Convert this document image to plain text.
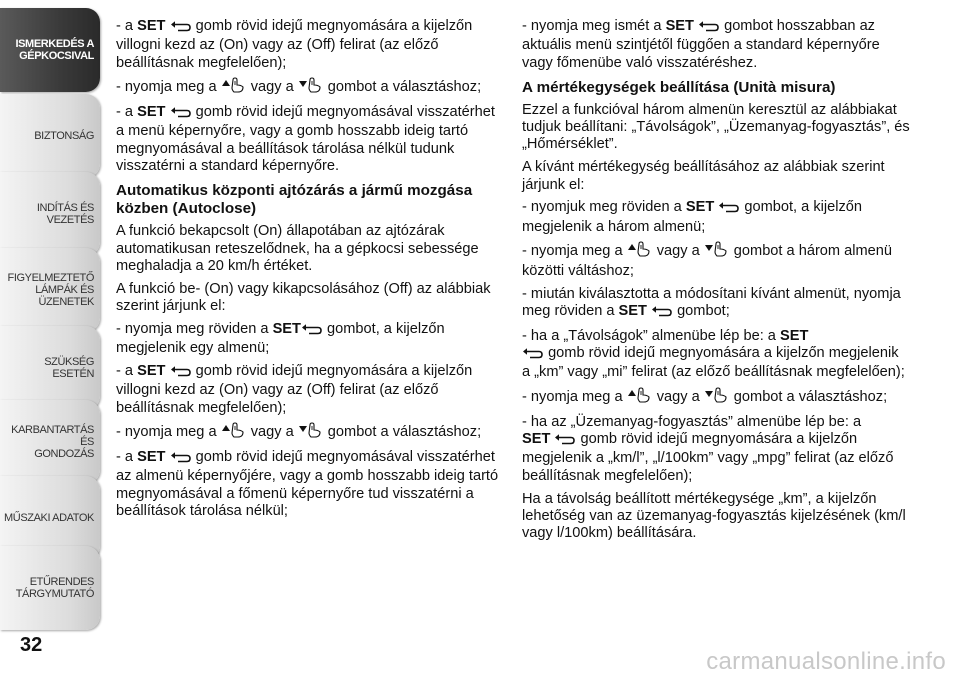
ISMERKEDÉS A
GÉPKOCSIVAL
BIZTONSÁG
INDÍTÁS ÉS VEZETÉS
FIGYELMEZTETŐ
LÁMPÁK ÉS
ÜZENETEK
SZÜKSÉG ESETÉN
KARBANTARTÁS ÉS
GONDOZÁS
MŰSZAKI ADATOK
ETŰRENDES
TÁRGYMUTATÓ
32

- a SET  gomb rövid idejű megnyomására a kijelzőn villogni kezd az (On) vagy az (Off) felirat (az előző beállításnak megfelelően);

- nyomja meg a  vagy a  gombot a választáshoz;

- a SET  gomb rövid idejű megnyomásával visszatérhet a menü képernyőre, vagy a gomb hosszabb ideig tartó megnyomásával a beállítások tárolása nélkül tudunk visszatérni a standard képernyőre.

Automatikus központi ajtózárás a jármű mozgása közben (Autoclose)

A funkció bekapcsolt (On) állapotában az ajtózárak automatikusan reteszelődnek, ha a gépkocsi sebessége meghaladja a 20 km/h értéket.

A funkció be- (On) vagy kikapcsolásához (Off) az alábbiak szerint járjunk el:

- nyomja meg röviden a SET gombot, a kijelzőn megjelenik egy almenü;

- a SET  gomb rövid idejű megnyomására a kijelzőn villogni kezd az (On) vagy az (Off) felirat (az előző beállításnak megfelelően);

- nyomja meg a  vagy a  gombot a választáshoz;

- a SET  gomb rövid idejű megnyomásával visszatérhet az almenü képernyőjére, vagy a gomb hosszabb ideig tartó megnyomásával a főmenü képernyőre tud visszatérni a beállítások tárolása nélkül;

- nyomja meg ismét a SET  gombot hosszabban az aktuális menü szintjétől függően a standard képernyőre vagy főmenübe való visszatéréshez.

A mértékegységek beállítása (Unità misura)

Ezzel a funkcióval három almenün keresztül az alábbiakat tudjuk beállítani: „Távolságok”, „Üzemanyag-fogyasztás”, és „Hőmérséklet”.

A kívánt mértékegység beállításához az alábbiak szerint járjunk el:

- nyomjuk meg röviden a SET  gombot, a kijelzőn megjelenik a három almenü;

- nyomja meg a  vagy a  gombot a három almenü közötti váltáshoz;

- miután kiválasztotta a módosítani kívánt almenüt, nyomja meg röviden a SET  gombot;

- ha a „Távolságok” almenübe lép be: a SET
gomb rövid idejű megnyomására a kijelzőn megjelenik a „km” vagy „mi” felirat (az előző beállításnak megfelelően);

- nyomja meg a  vagy a  gombot a választáshoz;

- ha az „Üzemanyag-fogyasztás” almenübe lép be: a
SET  gomb rövid idejű megnyomására a kijelzőn megjelenik a „km/l”, „l/100km” vagy „mpg” felirat (az előző beállításnak megfelelően);

Ha a távolság beállított mértékegysége „km”, a kijelzőn lehetőség van az üzemanyag-fogyasztás kijelzésének (km/l vagy l/100km) beállítására.

carmanualsonline.info
